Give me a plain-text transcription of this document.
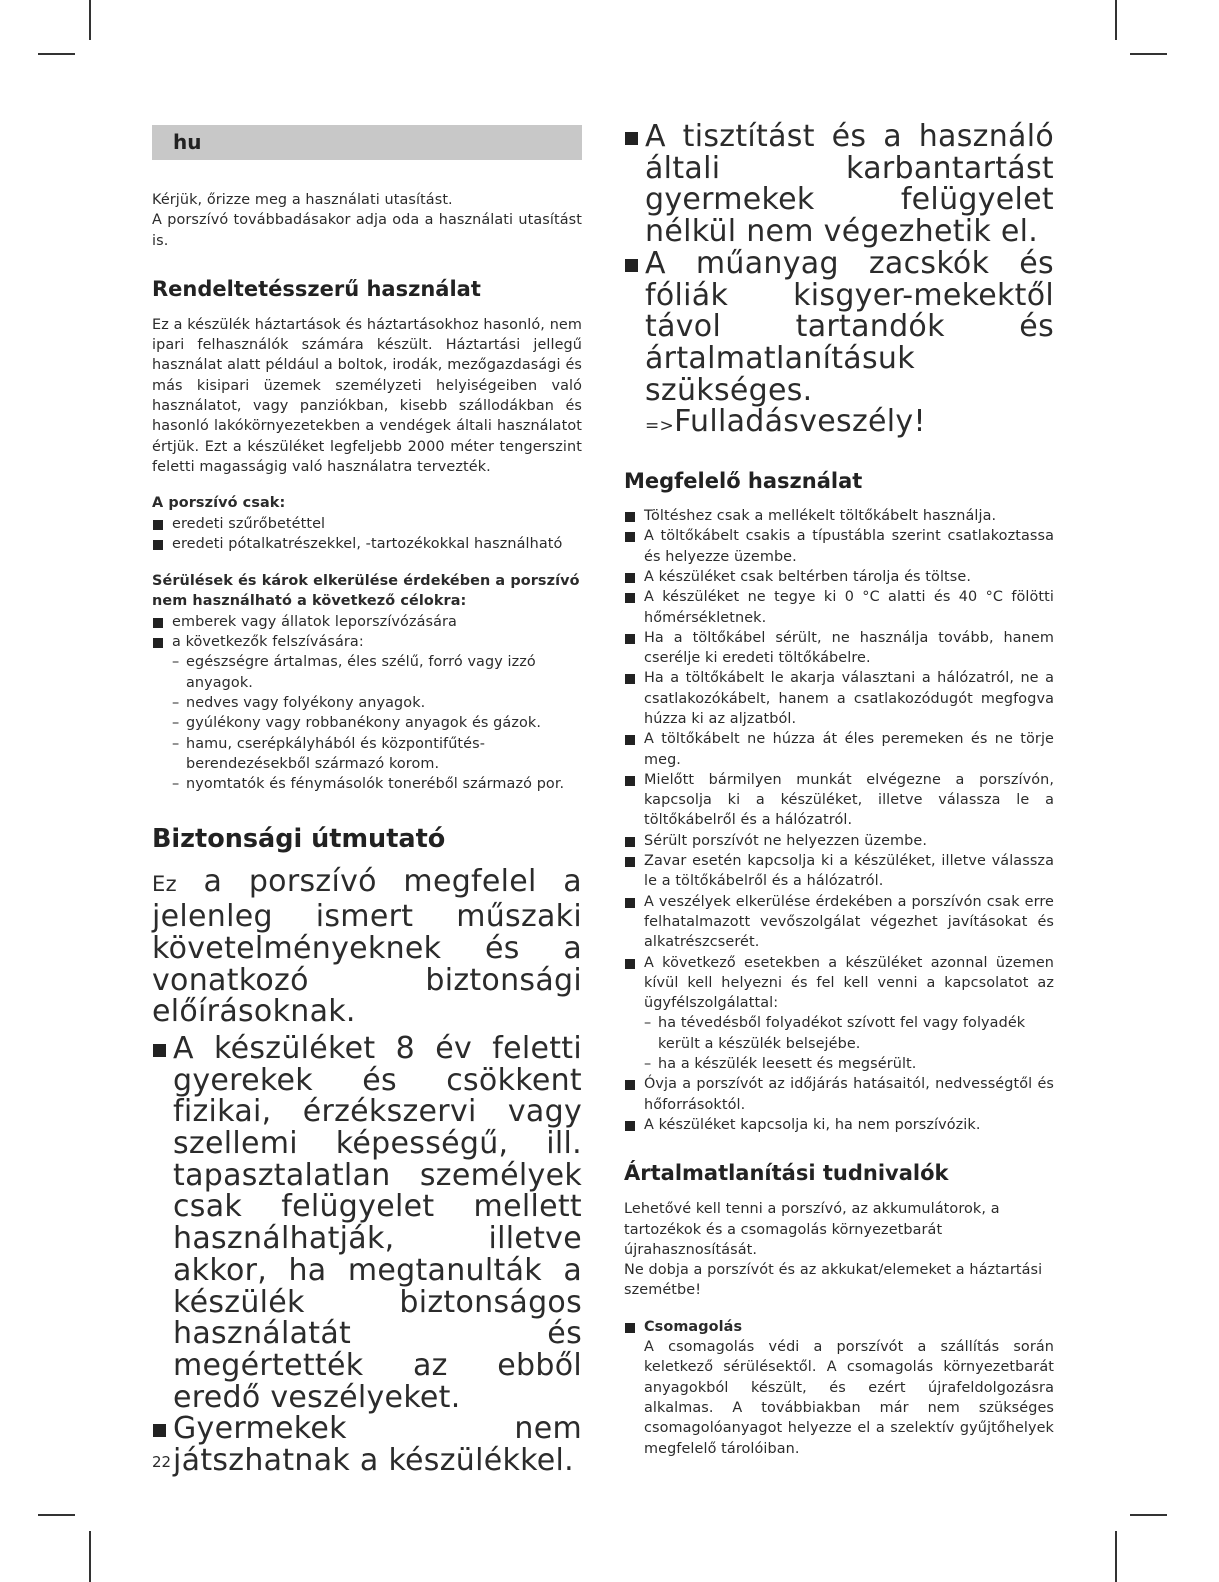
hu

Kérjük, őrizze meg a használati utasítást.

A porszívó továbbadásakor adja oda a használati utasítást is.

Rendeltetésszerű használat

Ez a készülék háztartások és háztartásokhoz hasonló, nem ipari felhasználók számára készült. Háztartási jellegű használat alatt például a boltok, irodák, mezőgazdasági és más kisipari üzemek személyzeti helyiségeiben való használatot, vagy panziókban, kisebb szállodákban és hasonló lakókörnyezetekben a vendégek általi használatot értjük. Ezt a készüléket legfeljebb 2000 méter tengerszint feletti magasságig való használatra tervezték.

A porszívó csak:

eredeti szűrőbetéttel
eredeti pótalkatrészekkel, -tartozékokkal használható

Sérülések és károk elkerülése érdekében a porszívó nem használható a következő célokra:

emberek vagy állatok leporszívózására
a következők felszívására:
– egészségre ártalmas, éles szélű, forró vagy izzó anyagok.
– nedves vagy folyékony anyagok.
– gyúlékony vagy robbanékony anyagok és gázok.
– hamu, cserépkályhából és központifűtés-berendezésekből származó korom.
– nyomtatók és fénymásolók toneréből származó por.
Biztonsági útmutató

Ez a porszívó megfelel a jelenleg ismert műszaki követelményeknek és a vonatkozó biztonsági előírásoknak.

A készüléket 8 év feletti gyerekek és csökkent fizikai, érzékszervi vagy szellemi képességű, ill. tapasztalatlan személyek csak felügyelet mellett használhatják, illetve akkor, ha megtanulták a készülék biztonságos használatát és megértették az ebből eredő veszélyeket.
Gyermekek nem játszhatnak a készülékkel.
A tisztítást és a használó általi karbantartást gyermekek felügyelet nélkül nem végezhetik el.
A műanyag zacskók és fóliák kisgyer-mekektől távol tartandók és ártalmatlanításuk szükséges.

=>Fulladásveszély!

Megfelelő használat
Töltéshez csak a mellékelt töltőkábelt használja.
A töltőkábelt csakis a típustábla szerint csatlakoztassa és helyezze üzembe.
A készüléket csak beltérben tárolja és töltse.
A készüléket ne tegye ki 0 °C alatti és 40 °C fölötti hőmérsékletnek.
Ha a töltőkábel sérült, ne használja tovább, hanem cserélje ki eredeti töltőkábelre.
Ha a töltőkábelt le akarja választani a hálózatról, ne a csatlakozókábelt, hanem a csatlakozódugót megfogva húzza ki az aljzatból.
A töltőkábelt ne húzza át éles peremeken és ne törje meg.
Mielőtt bármilyen munkát elvégezne a porszívón, kapcsolja ki a készüléket, illetve válassza le a töltőkábelről és a hálózatról.
Sérült porszívót ne helyezzen üzembe.
Zavar esetén kapcsolja ki a készüléket, illetve válassza le a töltőkábelről és a hálózatról.
A veszélyek elkerülése érdekében a porszívón csak erre felhatalmazott vevőszolgálat végezhet javításokat és alkatrészcserét.
A következő esetekben a készüléket azonnal üzemen kívül kell helyezni és fel kell venni a kapcsolatot az ügyfélszolgálattal:
– ha tévedésből folyadékot szívott fel vagy folyadék került a készülék belsejébe.
– ha a készülék leesett és megsérült.
Óvja a porszívót az időjárás hatásaitól, nedvességtől és hőforrásoktól.
A készüléket kapcsolja ki, ha nem porszívózik.
Ártalmatlanítási tudnivalók

Lehetővé kell tenni a porszívó, az akkumulátorok, a tartozékok és a csomagolás környezetbarát újrahasznosítását.

Ne dobja a porszívót és az akkukat/elemeket a háztartási szemétbe!

Csomagolás

A csomagolás védi a porszívót a szállítás során keletkező sérülésektől. A csomagolás környezetbarát anyagokból készült, és ezért újrafeldolgozásra alkalmas. A továbbiakban már nem szükséges csomagolóanyagot helyezze el a szelektív gyűjtőhelyek megfelelő tárolóiban.

22
